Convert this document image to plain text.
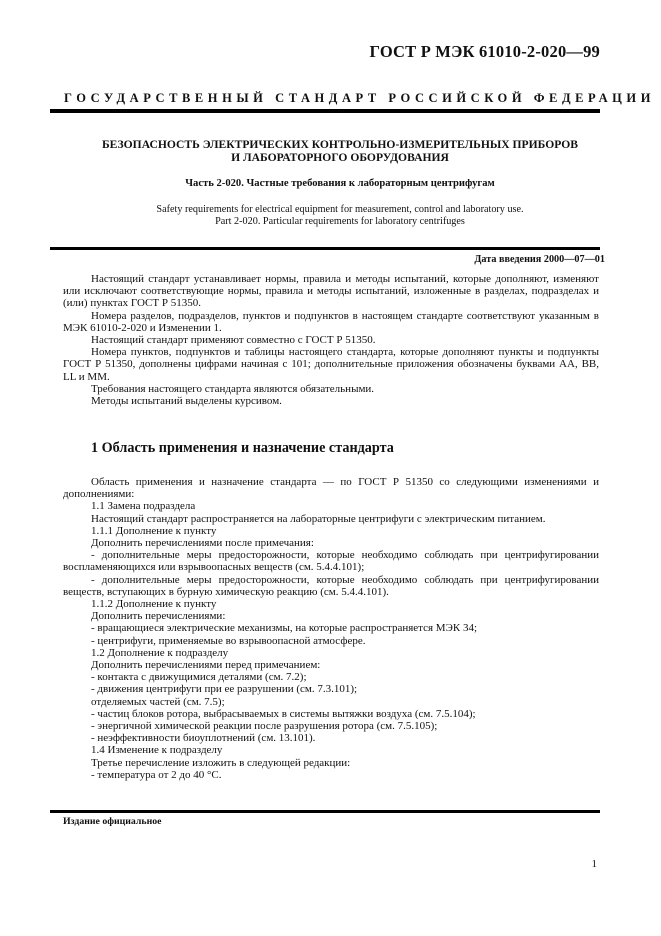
ГОСТ Р МЭК 61010-2-020—99
ГОСУДАРСТВЕННЫЙ СТАНДАРТ РОССИЙСКОЙ ФЕДЕРАЦИИ
БЕЗОПАСНОСТЬ ЭЛЕКТРИЧЕСКИХ КОНТРОЛЬНО-ИЗМЕРИТЕЛЬНЫХ ПРИБОРОВ
И ЛАБОРАТОРНОГО ОБОРУДОВАНИЯ
Часть 2-020. Частные требования к лабораторным центрифугам
Safety requirements for electrical equipment for measurement, control and laboratory use.
Part 2-020. Particular requirements for laboratory centrifuges
Дата введения 2000—07—01

Настоящий стандарт устанавливает нормы, правила и методы испытаний, которые дополняют, изменяют или исключают соответствующие нормы, правила и методы испытаний, изложенные в разделах, подразделах и (или) пунктах ГОСТ Р 51350.

Номера разделов, подразделов, пунктов и подпунктов в настоящем стандарте соответствуют указанным в МЭК 61010-2-020 и Изменении 1.

Настоящий стандарт применяют совместно с ГОСТ Р 51350.

Номера пунктов, подпунктов и таблицы настоящего стандарта, которые дополняют пункты и подпункты ГОСТ Р 51350, дополнены цифрами начиная с 101; дополнительные приложения обозначены буквами АА, ВВ, LL и ММ.

Требования настоящего стандарта являются обязательными.

Методы испытаний выделены курсивом.

1 Область применения и назначение стандарта

Область применения и назначение стандарта — по ГОСТ Р 51350 со следующими изменениями и дополнениями:

1.1 Замена подраздела

Настоящий стандарт распространяется на лабораторные центрифуги с электрическим питанием.

1.1.1 Дополнение к пункту

Дополнить перечислениями после примечания:

- дополнительные меры предосторожности, которые необходимо соблюдать при центрифугировании воспламеняющихся или взрывоопасных веществ (см. 5.4.4.101);

- дополнительные меры предосторожности, которые необходимо соблюдать при центрифугировании веществ, вступающих в бурную химическую реакцию (см. 5.4.4.101).

1.1.2 Дополнение к пункту

Дополнить перечислениями:

- вращающиеся электрические механизмы, на которые распространяется МЭК 34;

- центрифуги, применяемые во взрывоопасной атмосфере.

1.2 Дополнение к подразделу

Дополнить перечислениями перед примечанием:

- контакта с движущимися деталями (см. 7.2);

- движения центрифуги при ее разрушении (см. 7.3.101);

отделяемых частей (см. 7.5);

- частиц блоков ротора, выбрасываемых в системы вытяжки воздуха (см. 7.5.104);

- энергичной химической реакции после разрушения ротора (см. 7.5.105);

- неэффективности биоуплотнений (см. 13.101).

1.4 Изменение к подразделу

Третье перечисление изложить в следующей редакции:

- температура от 2 до 40 °С.

Издание официальное
1
